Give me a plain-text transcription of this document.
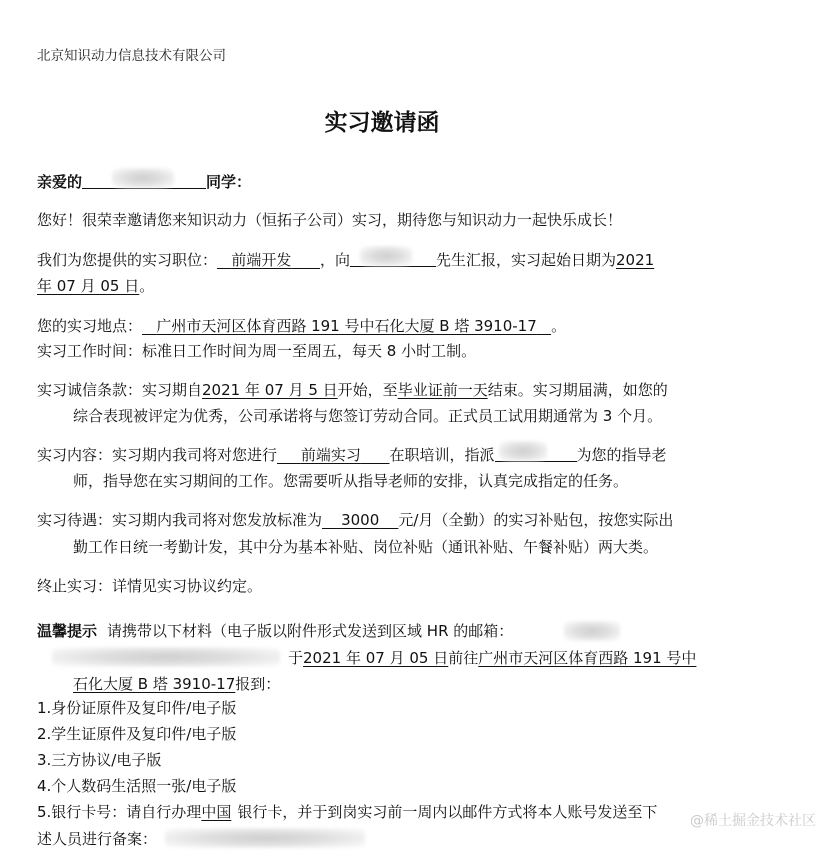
北京知识动力信息技术有限公司
实习邀请函
亲爱的	同学：
您好！很荣幸邀请您来知识动力（恒拓子公司）实习，期待您与知识动力一起快乐成长！
我们为您提供的实习职位： 前端开发 ，向	先生汇报，实习起始日期为2021
年 07 月 05 日。
您的实习地点： 广州市天河区体育西路 191 号中石化大厦 B 塔 3910-17 。
实习工作时间：标准日工作时间为周一至周五，每天 8 小时工制。
实习诚信条款：实习期自2021 年 07 月 5 日开始，至毕业证前一天结束。实习期届满，如您的
综合表现被评定为优秀，公司承诺将与您签订劳动合同。正式员工试用期通常为 3 个月。
实习内容：实习期内我司将对您进行 前端实习 在职培训，指派	为您的指导老
师，指导您在实习期间的工作。您需要听从指导老师的安排，认真完成指定的任务。
实习待遇：实习期内我司将对您发放标准为 3000 元/月（全勤）的实习补贴包，按您实际出
勤工作日统一考勤计发，其中分为基本补贴、岗位补贴（通讯补贴、午餐补贴）两大类。
终止实习：详情见实习协议约定。
温馨提示 请携带以下材料（电子版以附件形式发送到区域 HR 的邮箱：
于2021 年 07 月 05 日前往广州市天河区体育西路 191 号中
石化大厦 B 塔 3910-17报到：
1.身份证原件及复印件/电子版
2.学生证原件及复印件/电子版
3.三方协议/电子版
4.个人数码生活照一张/电子版
5.银行卡号：请自行办理中国 银行卡，并于到岗实习前一周内以邮件方式将本人账号发送至下
述人员进行备案：
@稀土掘金技术社区
